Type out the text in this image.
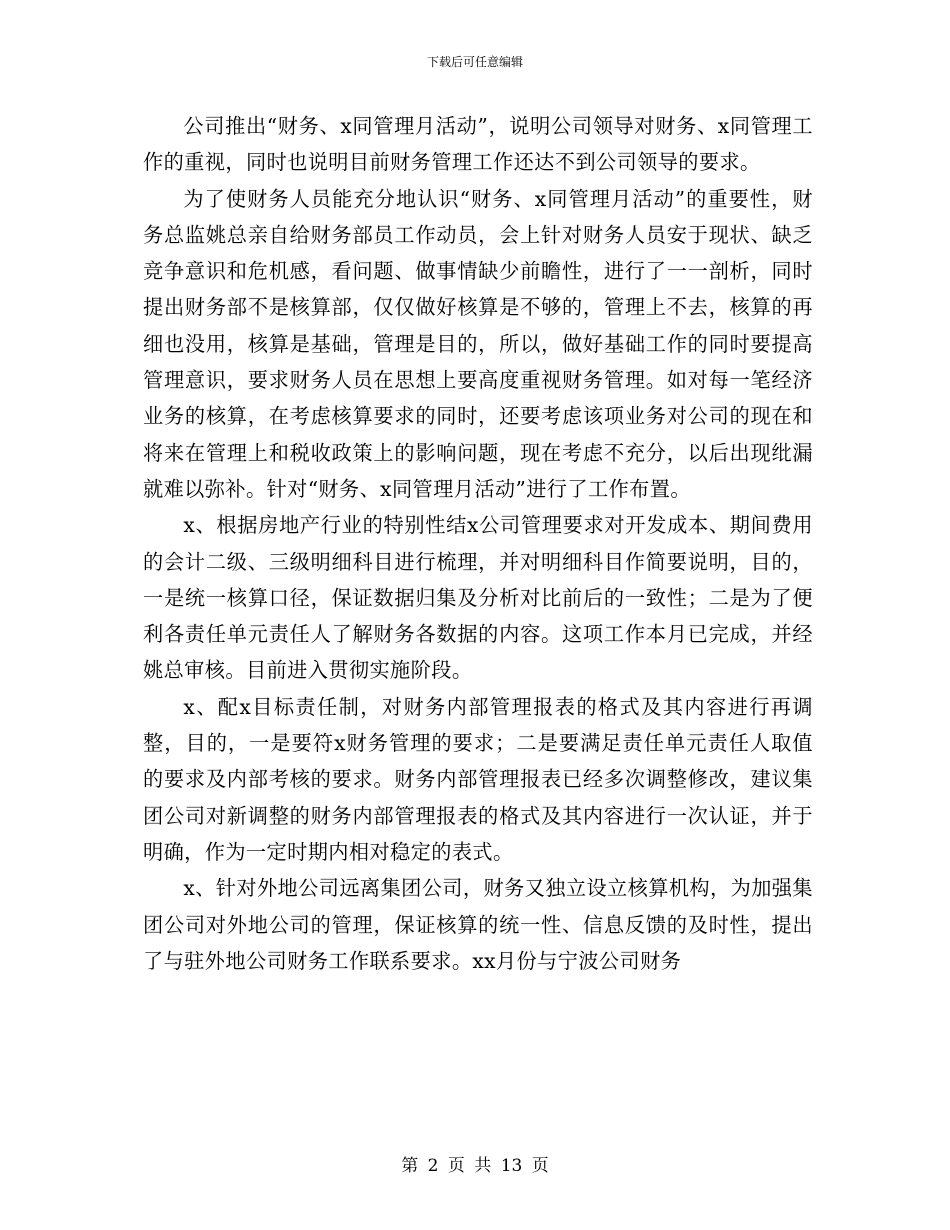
下载后可任意编辑

公司推出“财务、x同管理月活动”，说明公司领导对财务、x同管理工作的重视，同时也说明目前财务管理工作还达不到公司领导的要求。

为了使财务人员能充分地认识“财务、x同管理月活动”的重要性，财务总监姚总亲自给财务部员工作动员，会上针对财务人员安于现状、缺乏竞争意识和危机感，看问题、做事情缺少前瞻性，进行了一一剖析，同时提出财务部不是核算部，仅仅做好核算是不够的，管理上不去，核算的再细也没用，核算是基础，管理是目的，所以，做好基础工作的同时要提高管理意识，要求财务人员在思想上要高度重视财务管理。如对每一笔经济业务的核算，在考虑核算要求的同时，还要考虑该项业务对公司的现在和将来在管理上和税收政策上的影响问题，现在考虑不充分，以后出现纰漏就难以弥补。针对“财务、x同管理月活动”进行了工作布置。

x、根据房地产行业的特别性结x公司管理要求对开发成本、期间费用的会计二级、三级明细科目进行梳理，并对明细科目作简要说明，目的，一是统一核算口径，保证数据归集及分析对比前后的一致性；二是为了便利各责任单元责任人了解财务各数据的内容。这项工作本月已完成，并经姚总审核。目前进入贯彻实施阶段。

x、配x目标责任制，对财务内部管理报表的格式及其内容进行再调整，目的，一是要符x财务管理的要求；二是要满足责任单元责任人取值的要求及内部考核的要求。财务内部管理报表已经多次调整修改，建议集团公司对新调整的财务内部管理报表的格式及其内容进行一次认证，并于明确，作为一定时期内相对稳定的表式。

x、针对外地公司远离集团公司，财务又独立设立核算机构，为加强集团公司对外地公司的管理，保证核算的统一性、信息反馈的及时性，提出了与驻外地公司财务工作联系要求。xx月份与宁波公司财务

第 2 页 共 13 页
